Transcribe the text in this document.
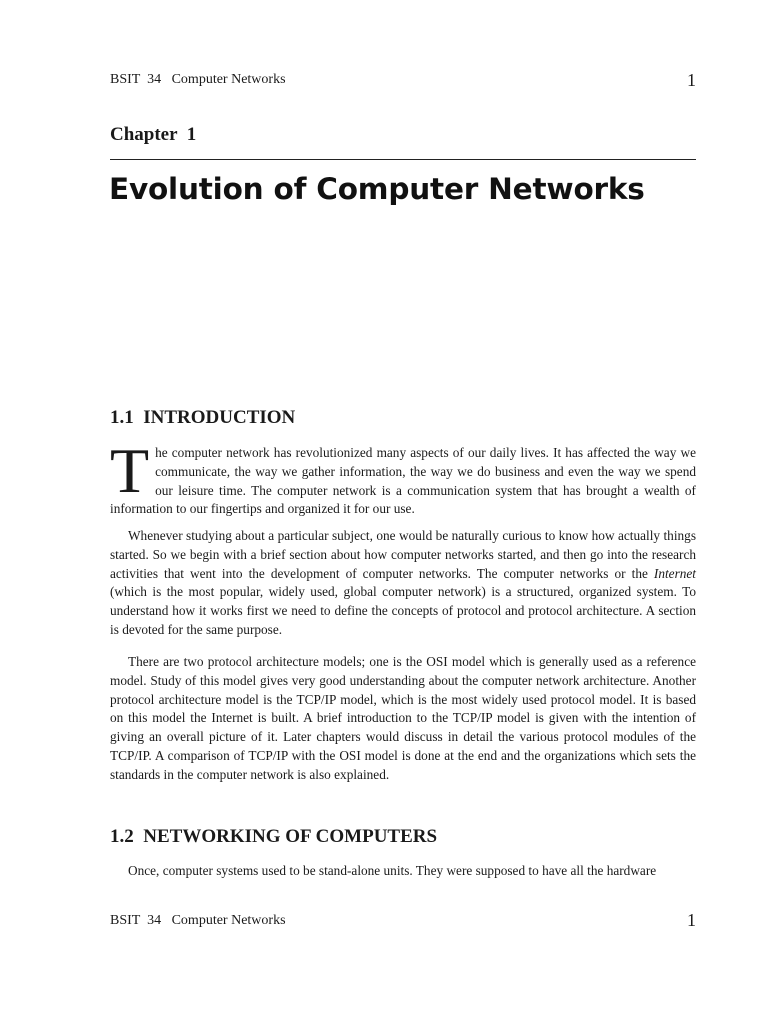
BSIT  34   Computer Networks	1
Chapter  1
Evolution of Computer Networks
1.1  INTRODUCTION

The computer network has revolutionized many aspects of our daily lives. It has affected the way we communicate, the way we gather information, the way we do business and even the way we spend our leisure time. The computer network is a communication system that has brought a wealth of information to our fingertips and organized it for our use.

Whenever studying about a particular subject, one would be naturally curious to know how actually things started. So we begin with a brief section about how computer networks started, and then go into the research activities that went into the development of computer networks. The computer networks or the Internet (which is the most popular, widely used, global computer network) is a structured, organized system. To understand how it works first we need to define the concepts of protocol and protocol architecture. A section is devoted for the same purpose.

There are two protocol architecture models; one is the OSI model which is generally used as a reference model. Study of this model gives very good understanding about the computer network architecture. Another protocol architecture model is the TCP/IP model, which is the most widely used protocol model. It is based on this model the Internet is built. A brief introduction to the TCP/IP model is given with the intention of giving an overall picture of it. Later chapters would discuss in detail the various protocol modules of the TCP/IP. A comparison of TCP/IP with the OSI model is done at the end and the organizations which sets the standards in the computer network is also explained.

1.2  NETWORKING OF COMPUTERS

Once, computer systems used to be stand-alone units. They were supposed to have all the hardware

BSIT  34   Computer Networks	1
